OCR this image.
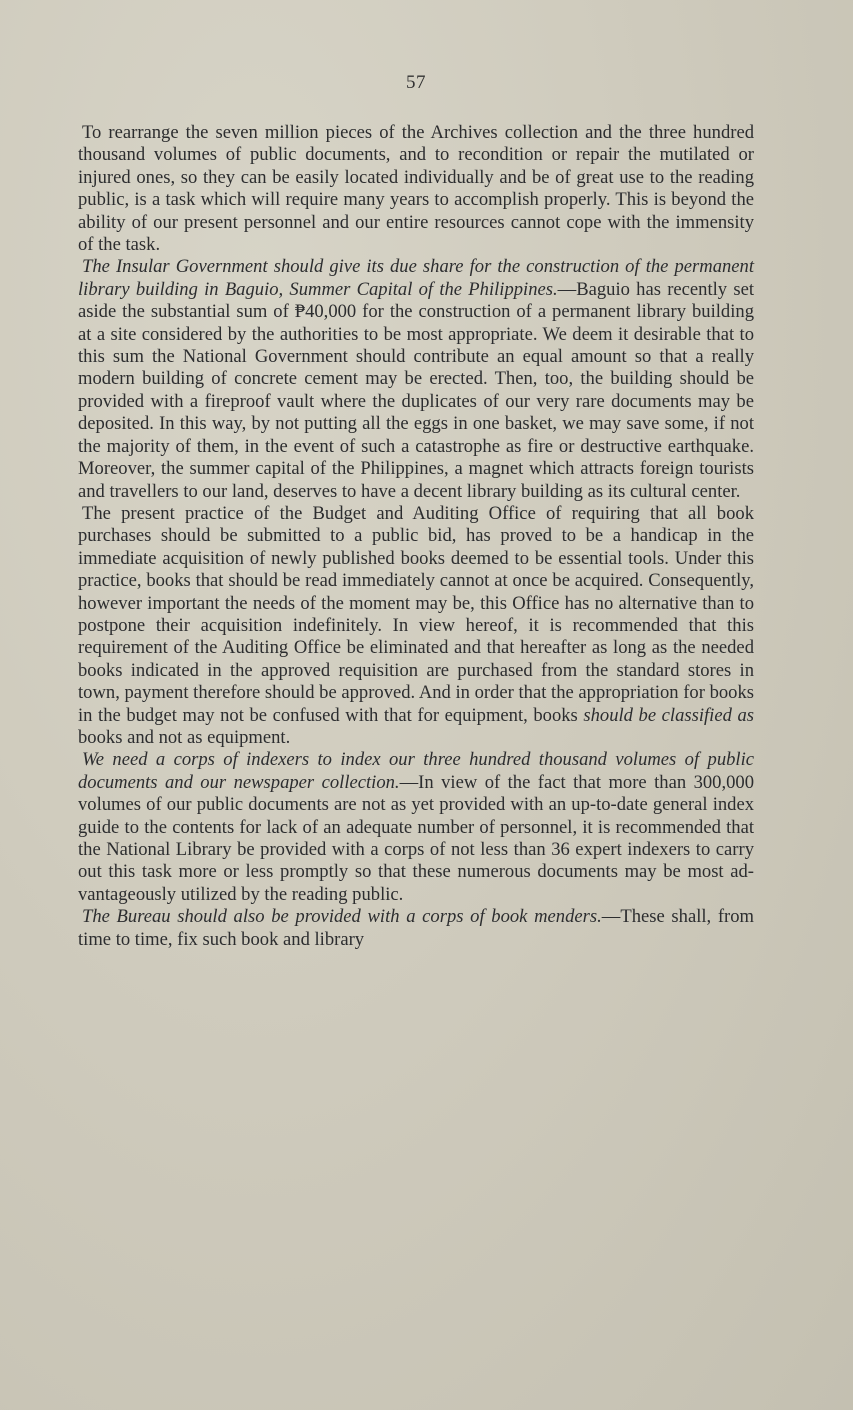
57

To rearrange the seven million pieces of the Archives collection and the three hundred thousand volumes of public documents, and to recondition or repair the mutilated or injured ones, so they can be easily located individually and be of great use to the reading public, is a task which will require many years to accomplish properly. This is beyond the ability of our present personnel and our entire resources cannot cope with the immensity of the task.

The Insular Government should give its due share for the construction of the permanent library building in Baguio, Summer Capital of the Philippines.—Baguio has recently set aside the substantial sum of ₱40,000 for the construction of a permanent library building at a site considered by the authorities to be most appropriate. We deem it desirable that to this sum the National Government should contribute an equal amount so that a really modern building of concrete cement may be erected. Then, too, the building should be provided with a fireproof vault where the duplicates of our very rare documents may be deposited. In this way, by not putting all the eggs in one basket, we may save some, if not the majority of them, in the event of such a catastrophe as fire or destructive earthquake. Moreover, the summer capital of the Philippines, a magnet which attracts foreign tourists and travellers to our land, deserves to have a decent library building as its cultural center.

The present practice of the Budget and Auditing Office of requiring that all book purchases should be submitted to a public bid, has proved to be a handicap in the immediate acquisition of newly published books deemed to be essential tools. Under this practice, books that should be read immediately cannot at once be acquired. Consequently, however important the needs of the moment may be, this Office has no alternative than to postpone their acquisition indefinitely. In view hereof, it is recommended that this requirement of the Auditing Office be eliminated and that hereafter as long as the needed books indicated in the approved requisition are purchased from the standard stores in town, payment therefore should be approved. And in order that the appropriation for books in the budget may not be confused with that for equipment, books should be classified as books and not as equipment.

We need a corps of indexers to index our three hundred thousand volumes of public documents and our newspaper collection.—In view of the fact that more than 300,000 volumes of our public documents are not as yet provided with an up-to-date general index guide to the contents for lack of an adequate number of personnel, it is recommended that the National Library be provided with a corps of not less than 36 expert indexers to carry out this task more or less promptly so that these numerous documents may be most advantageously utilized by the reading public.

The Bureau should also be provided with a corps of book menders.—These shall, from time to time, fix such book and library
